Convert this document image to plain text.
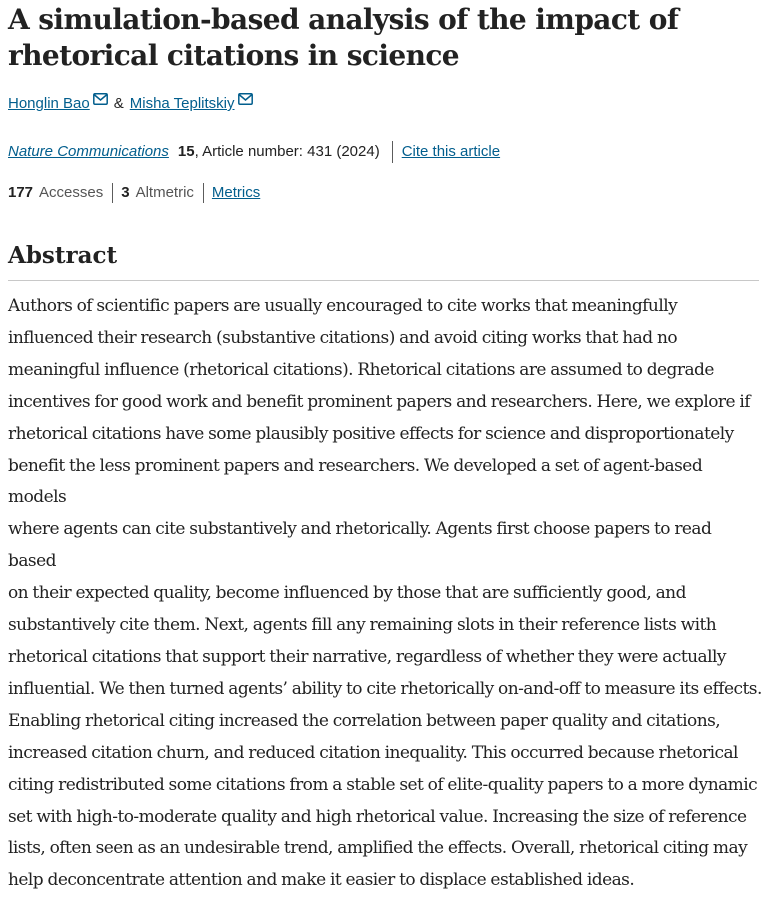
A simulation-based analysis of the impact of rhetorical citations in science
Honglin Bao & Misha Teplitskiy
Nature Communications 15 , Article number: 431 (2024) Cite this article
177 Accesses 3 Altmetric Metrics
Abstract
Authors of scientific papers are usually encouraged to cite works that meaningfully
influenced their research (substantive citations) and avoid citing works that had no
meaningful influence (rhetorical citations). Rhetorical citations are assumed to degrade
incentives for good work and benefit prominent papers and researchers. Here, we explore if
rhetorical citations have some plausibly positive effects for science and disproportionately
benefit the less prominent papers and researchers. We developed a set of agent-based models
where agents can cite substantively and rhetorically. Agents first choose papers to read based
on their expected quality, become influenced by those that are sufficiently good, and
substantively cite them. Next, agents fill any remaining slots in their reference lists with
rhetorical citations that support their narrative, regardless of whether they were actually
influential. We then turned agents’ ability to cite rhetorically on-and-off to measure its effects.
Enabling rhetorical citing increased the correlation between paper quality and citations,
increased citation churn, and reduced citation inequality. This occurred because rhetorical
citing redistributed some citations from a stable set of elite-quality papers to a more dynamic
set with high-to-moderate quality and high rhetorical value. Increasing the size of reference
lists, often seen as an undesirable trend, amplified the effects. Overall, rhetorical citing may
help deconcentrate attention and make it easier to displace established ideas.
